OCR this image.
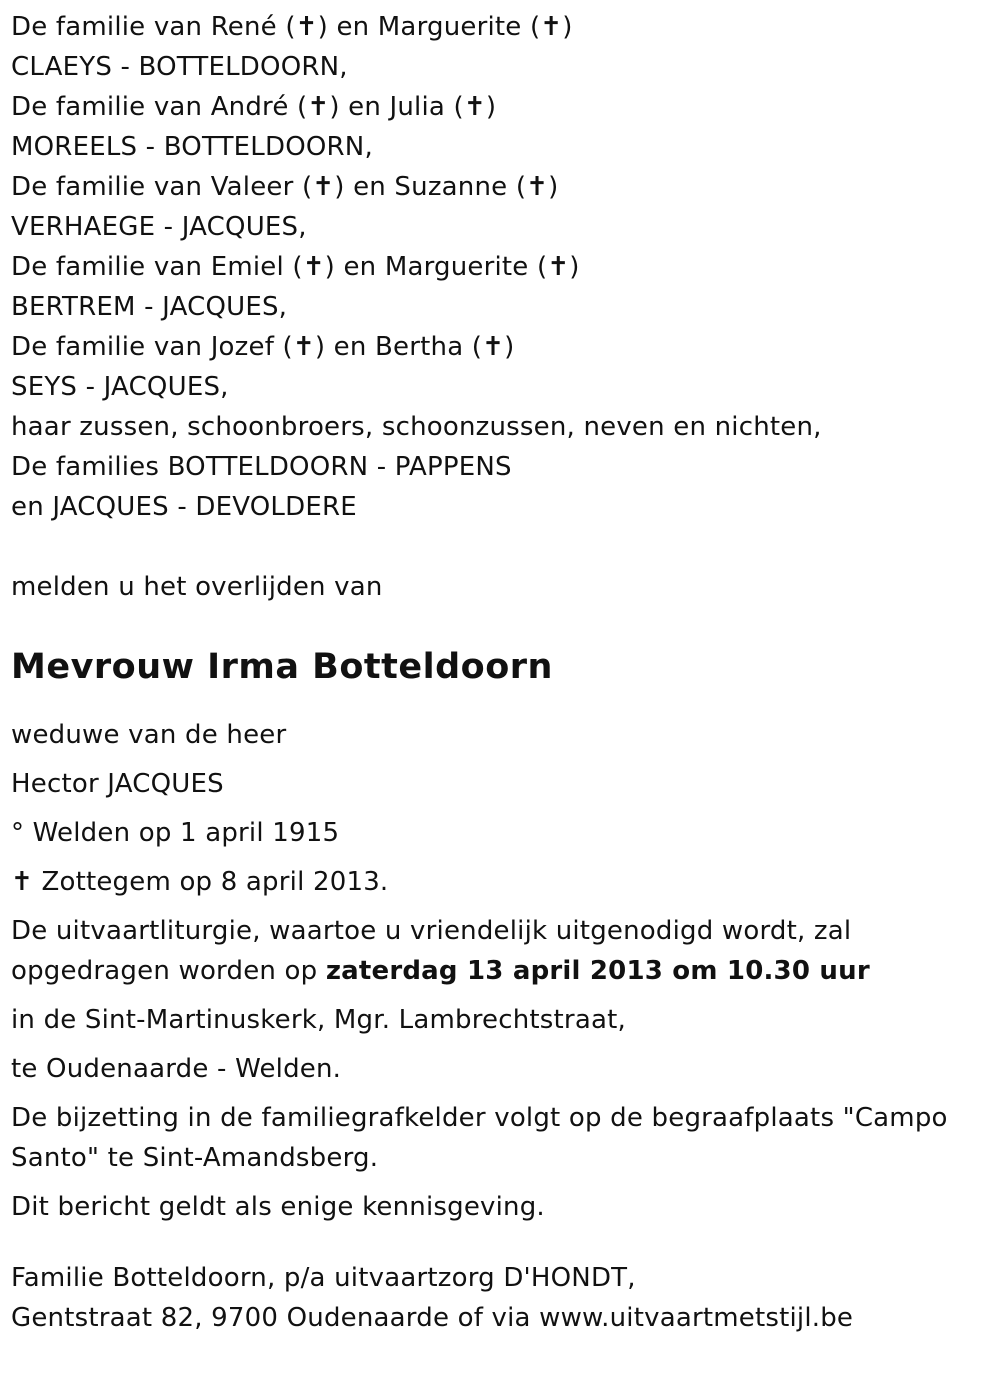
De familie van René (✝) en Marguerite (✝)
CLAEYS - BOTTELDOORN,
De familie van André (✝) en Julia (✝)
MOREELS - BOTTELDOORN,
De familie van Valeer (✝) en Suzanne (✝)
VERHAEGE - JACQUES,
De familie van Emiel (✝) en Marguerite (✝)
BERTREM - JACQUES,
De familie van Jozef (✝) en Bertha (✝)
SEYS - JACQUES,
haar zussen, schoonbroers, schoonzussen, neven en nichten,
De families BOTTELDOORN - PAPPENS
en JACQUES - DEVOLDERE
melden u het overlijden van
Mevrouw Irma Botteldoorn
weduwe van de heer
Hector JACQUES
° Welden op 1 april 1915
✝ Zottegem op 8 april 2013.
De uitvaartliturgie, waartoe u vriendelijk uitgenodigd wordt, zal opgedragen worden op zaterdag 13 april 2013 om 10.30 uur
in de Sint-Martinuskerk, Mgr. Lambrechtstraat,
te Oudenaarde - Welden.
De bijzetting in de familiegrafkelder volgt op de begraafplaats "Campo Santo" te Sint-Amandsberg.
Dit bericht geldt als enige kennisgeving.
Familie Botteldoorn, p/a uitvaartzorg D'HONDT,
Gentstraat 82, 9700 Oudenaarde of via www.uitvaartmetstijl.be
